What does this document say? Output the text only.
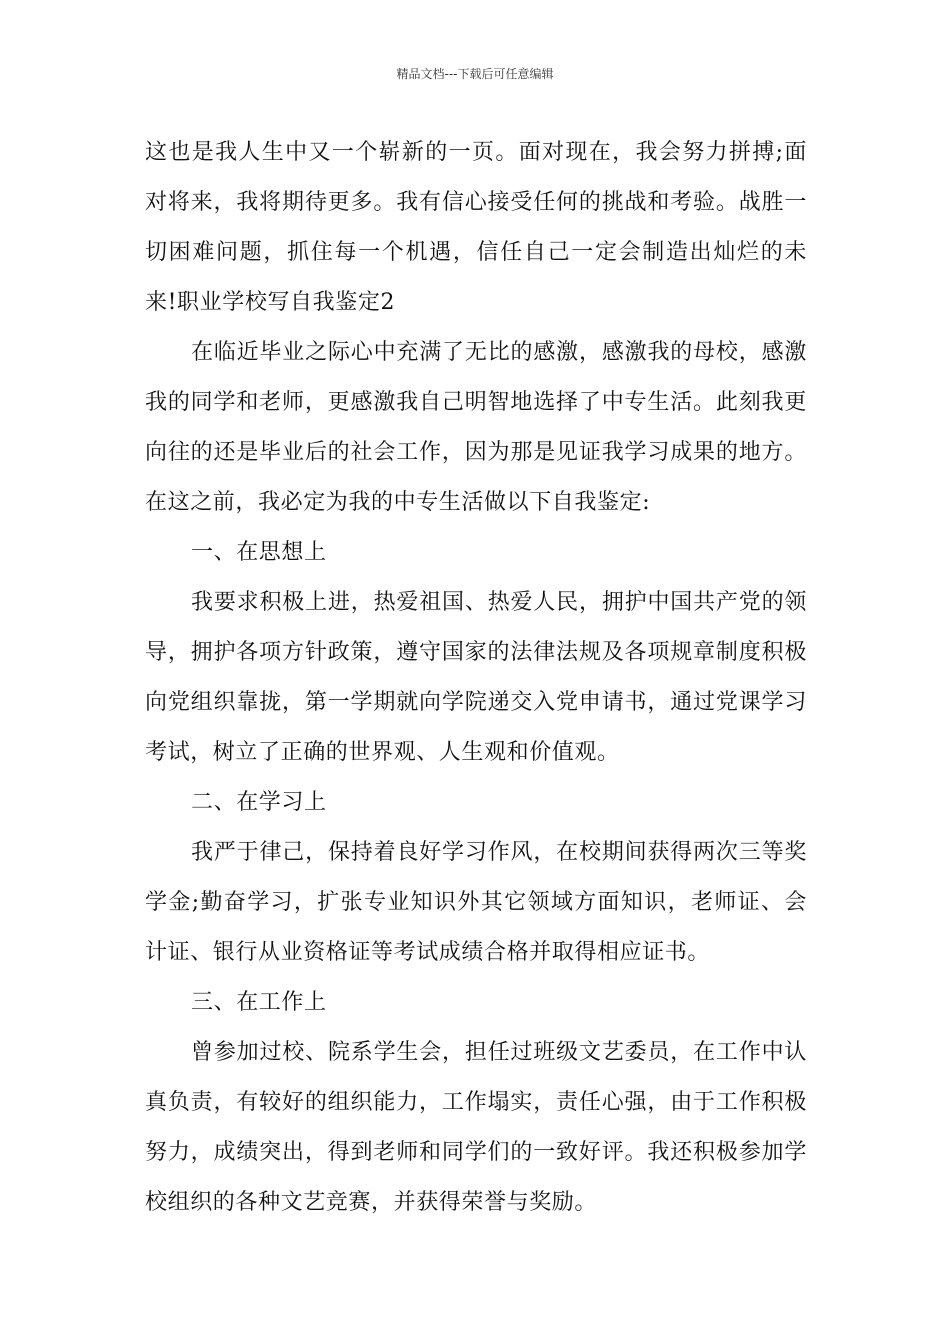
精品文档---下载后可任意编辑

这也是我人生中又一个崭新的一页。面对现在，我会努力拼搏;面对将来，我将期待更多。我有信心接受任何的挑战和考验。战胜一切困难问题，抓住每一个机遇，信任自己一定会制造出灿烂的未来!职业学校写自我鉴定2

在临近毕业之际心中充满了无比的感激，感激我的母校，感激我的同学和老师，更感激我自己明智地选择了中专生活。此刻我更向往的还是毕业后的社会工作，因为那是见证我学习成果的地方。在这之前，我必定为我的中专生活做以下自我鉴定:

一、在思想上

我要求积极上进，热爱祖国、热爱人民，拥护中国共产党的领导，拥护各项方针政策，遵守国家的法律法规及各项规章制度积极向党组织靠拢，第一学期就向学院递交入党申请书，通过党课学习考试，树立了正确的世界观、人生观和价值观。

二、在学习上

我严于律己，保持着良好学习作风，在校期间获得两次三等奖学金;勤奋学习，扩张专业知识外其它领域方面知识，老师证、会计证、银行从业资格证等考试成绩合格并取得相应证书。

三、在工作上

曾参加过校、院系学生会，担任过班级文艺委员，在工作中认真负责，有较好的组织能力，工作塌实，责任心强，由于工作积极努力，成绩突出，得到老师和同学们的一致好评。我还积极参加学校组织的各种文艺竞赛，并获得荣誉与奖励。
